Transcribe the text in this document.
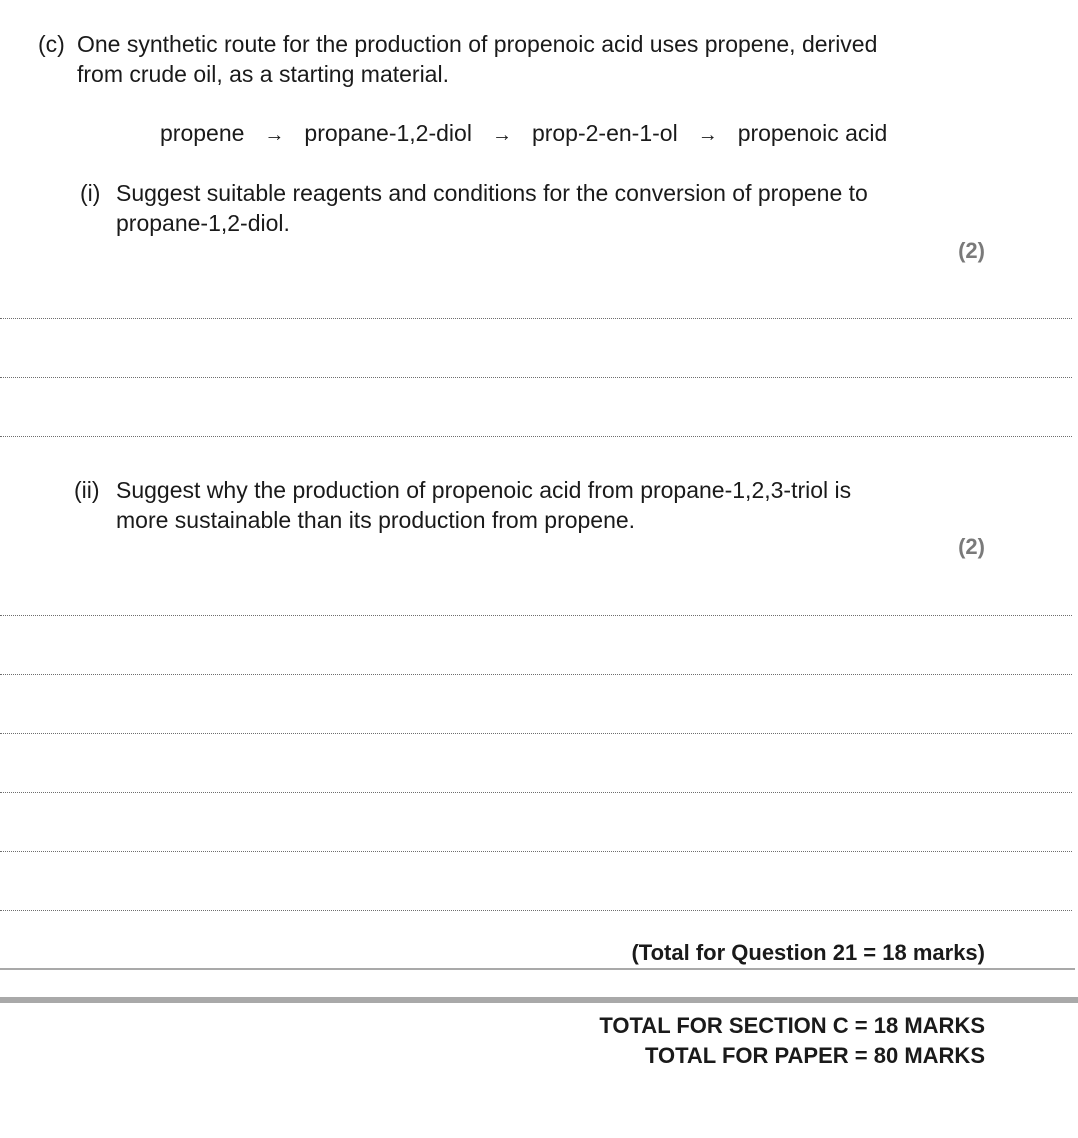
(c) One synthetic route for the production of propenoic acid uses propene, derived
from crude oil, as a starting material.
propene → propane-1,2-diol → prop-2-en-1-ol → propenoic acid
(i) Suggest suitable reagents and conditions for the conversion of propene to
propane-1,2-diol.
(2)
(ii) Suggest why the production of propenoic acid from propane-1,2,3-triol is
more sustainable than its production from propene.
(2)
(Total for Question 21 = 18 marks)
TOTAL FOR SECTION C = 18 MARKS
TOTAL FOR PAPER = 80 MARKS
